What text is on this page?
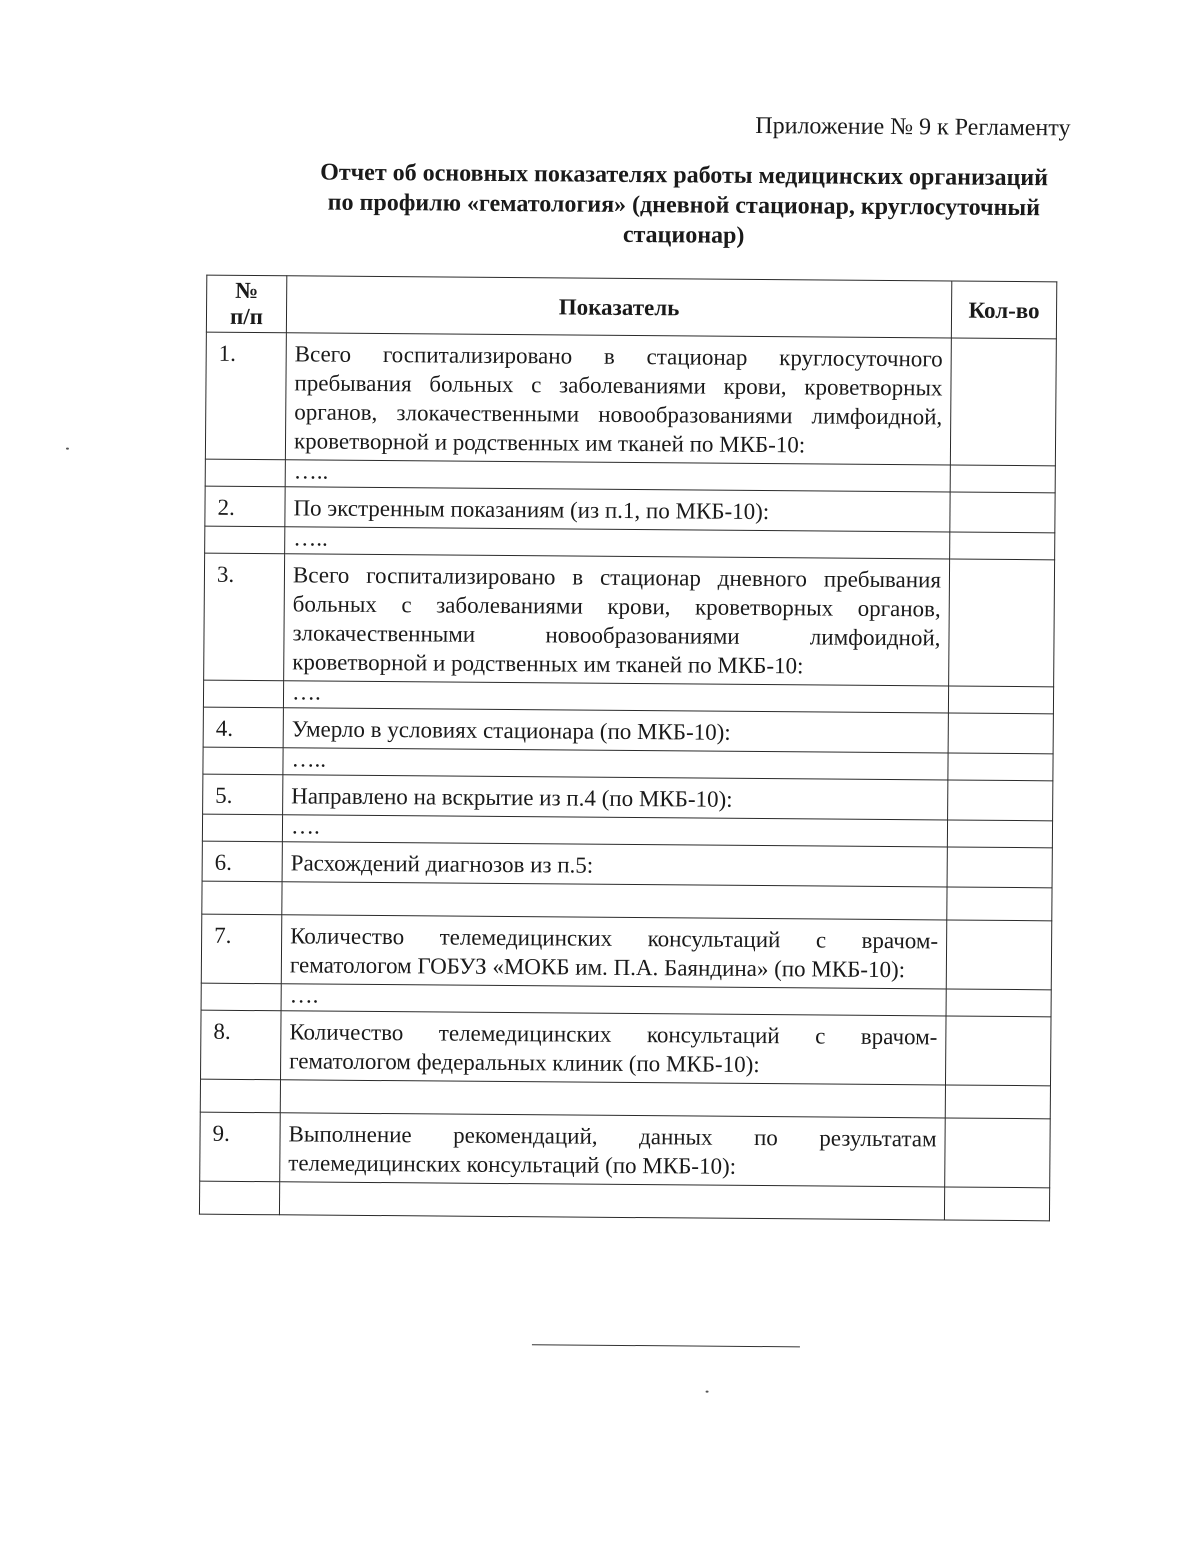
Приложение № 9 к Регламенту
Отчет об основных показателях работы медицинских организаций
по профилю «гематология» (дневной стационар, круглосуточный
стационар)
№
п/п	Показатель	Кол-во
1.	Всего госпитализировано в стационар круглосуточного пребывания больных с заболеваниями крови, кроветворных органов, злокачественными новообразованиями лимфоидной, кроветворной и родственных им тканей по МКБ-10:	

	…..	
2.	По экстренным показаниям (из п.1, по МКБ-10):	

	…..	
3.	Всего госпитализировано в стационар дневного пребывания больных с заболеваниями крови, кроветворных органов, злокачественными новообразованиями лимфоидной, кроветворной и родственных им тканей по МКБ-10:	

	….	
4.	Умерло в условиях стационара (по МКБ-10):	

	…..	
5.	Направлено на вскрытие из п.4 (по МКБ-10):	

	….	
6.	Расхождений диагнозов из п.5:	

7.	Количество телемедицинских консультаций с врачом-гематологом ГОБУЗ «МОКБ им. П.А. Баяндина» (по МКБ-10):	

	….	
8.	Количество телемедицинских консультаций с врачом-гематологом федеральных клиник (по МКБ-10):	

9.	Выполнение рекомендаций, данных по результатам телемедицинских консультаций (по МКБ-10):	
